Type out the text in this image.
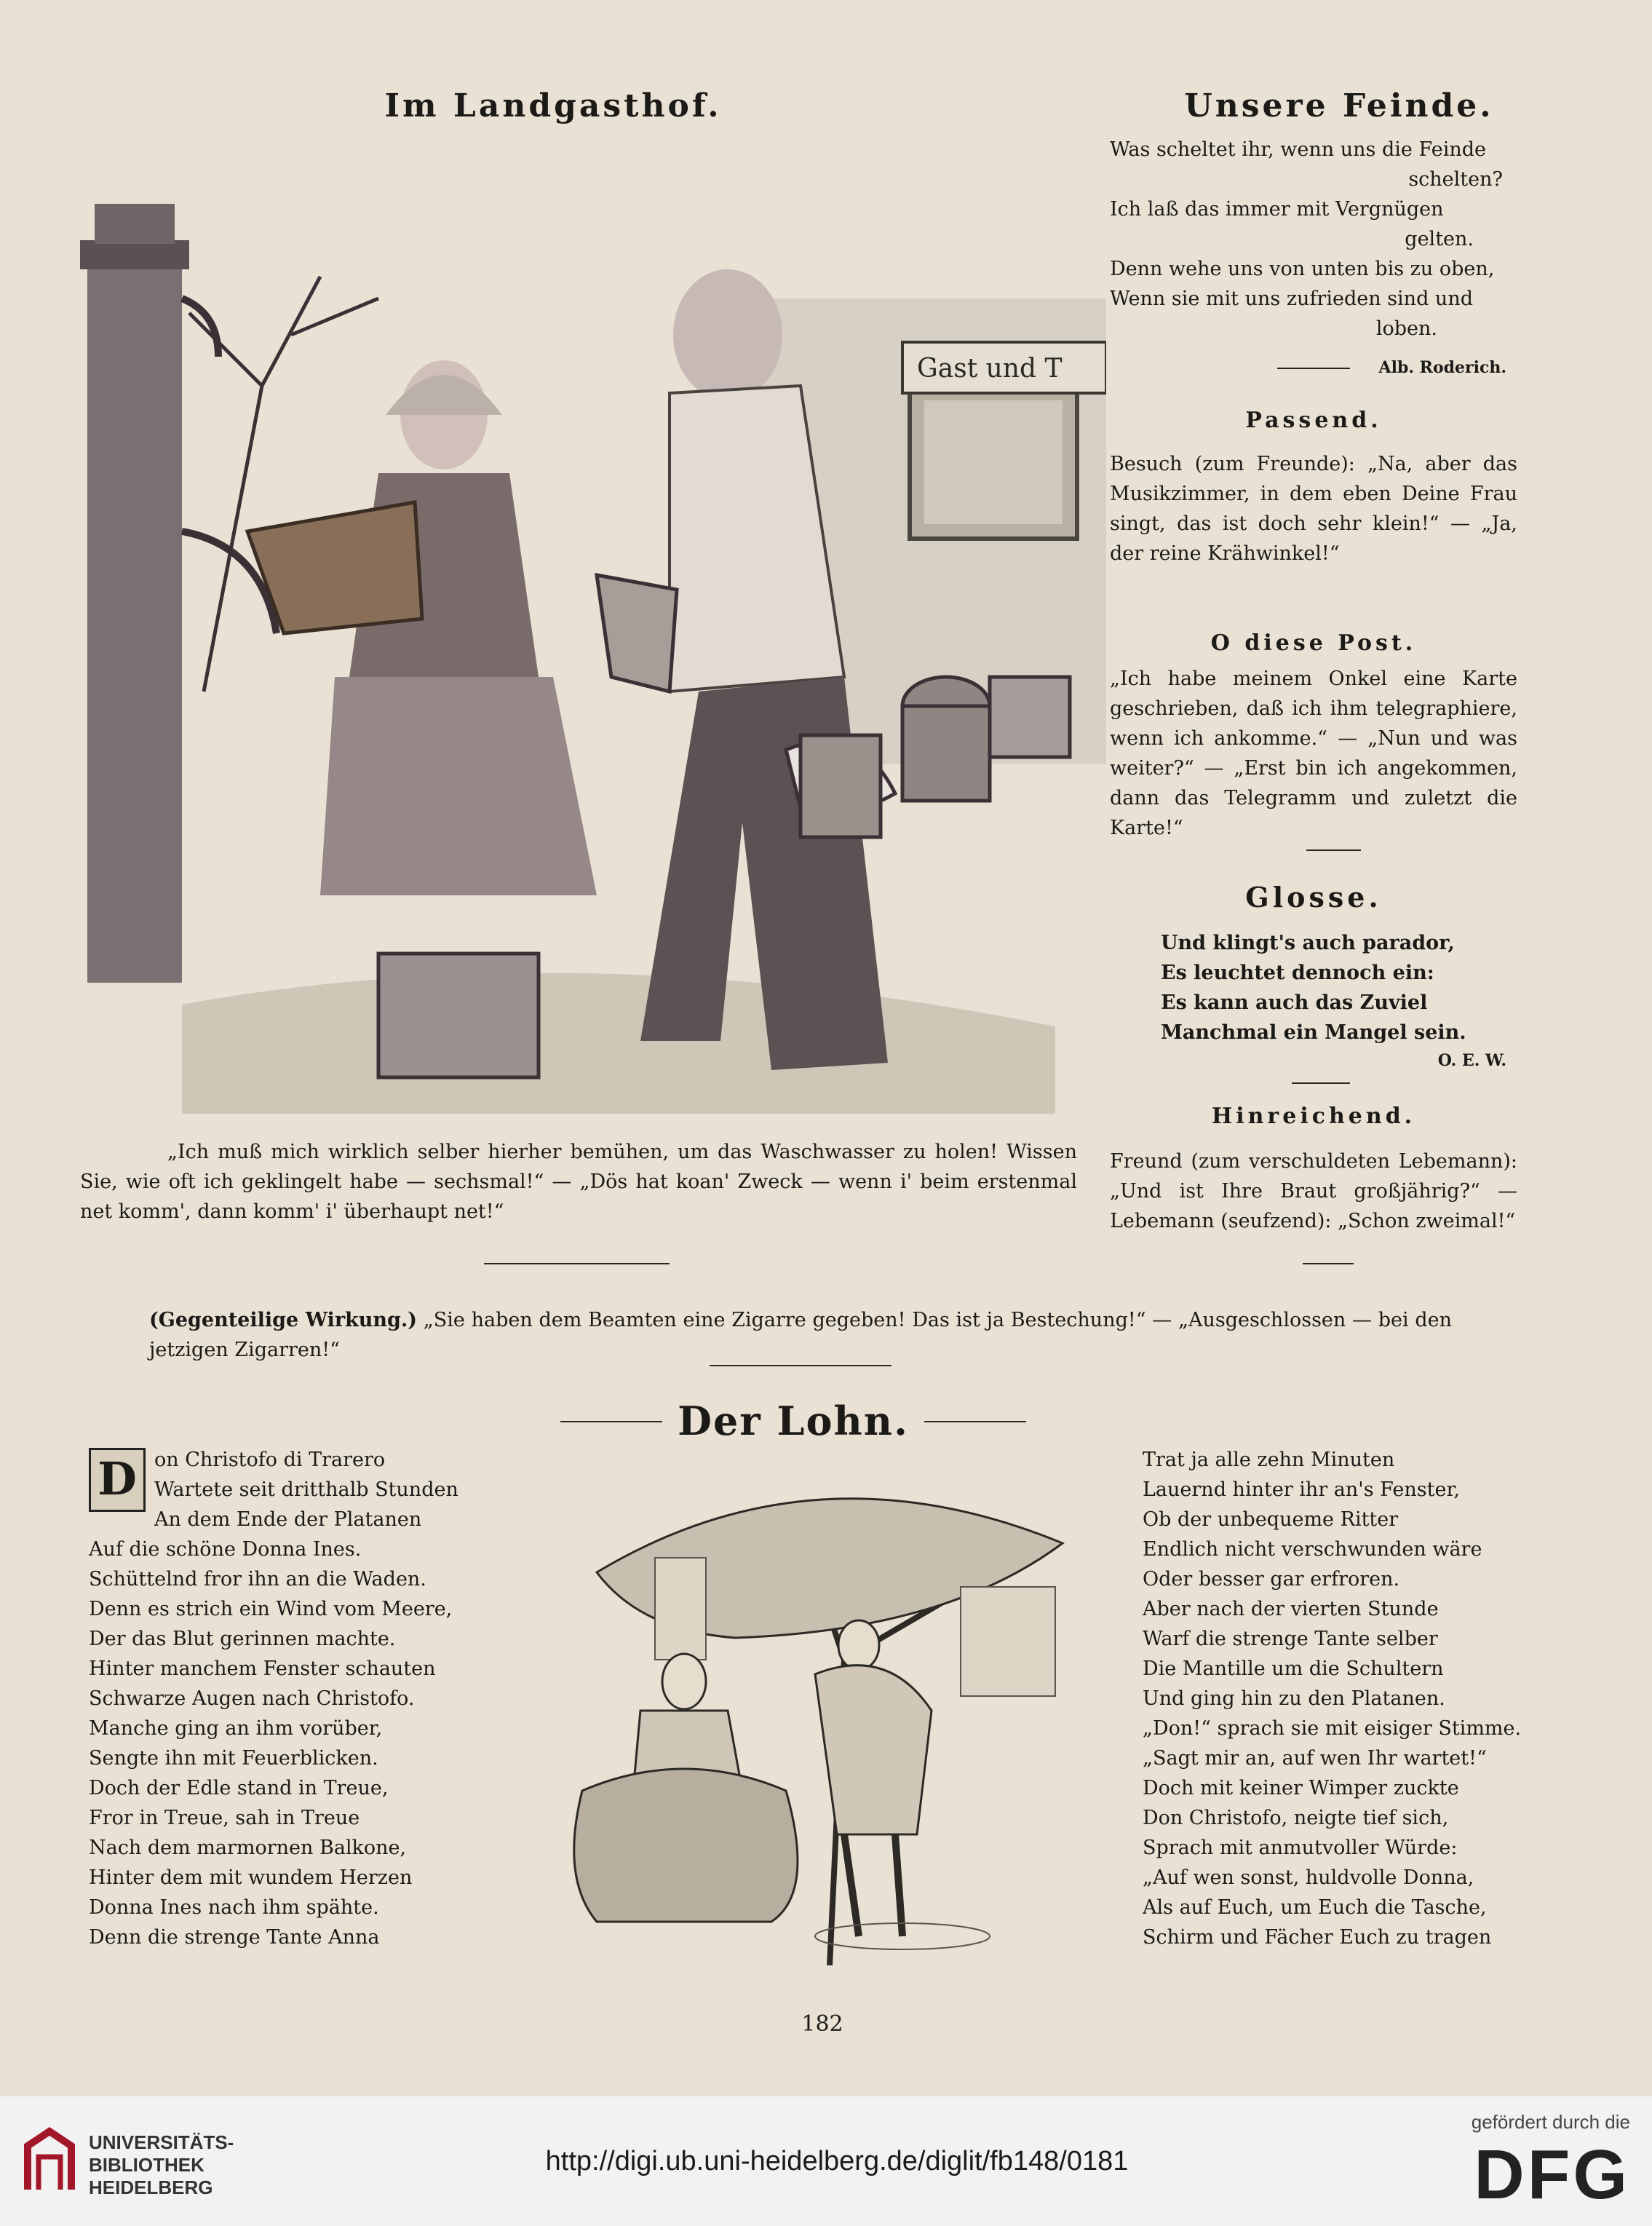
Im Landgasthof.
Gast und T
Unsere Feinde.

Was scheltet ihr, wenn uns die Feinde

schelten?

Ich laß das immer mit Vergnügen

gelten.

Denn wehe uns von unten bis zu oben,

Wenn sie mit uns zufrieden sind und

loben.

Alb. Roderich.
Passend.
Besuch (zum Freunde): „Na, aber das Musikzimmer, in dem eben Deine Frau singt, das ist doch sehr klein!“ — „Ja, der reine Krähwinkel!“
O diese Post.
„Ich habe meinem Onkel eine Karte geschrieben, daß ich ihm telegraphiere, wenn ich ankomme.“ — „Nun und was weiter?“ — „Erst bin ich angekommen, dann das Telegramm und zuletzt die Karte!“
Glosse.

Und klingt's auch parador,

Es leuchtet dennoch ein:

Es kann auch das Zuviel

Manchmal ein Mangel sein.

O. E. W.
Hinreichend.
Freund (zum verschuldeten Lebemann): „Und ist Ihre Braut großjährig?“ — Lebemann (seufzend): „Schon zweimal!“
„Ich muß mich wirklich selber hierher bemühen, um das Waschwasser zu holen! Wissen Sie, wie oft ich geklingelt habe — sechsmal!“ — „Dös hat koan' Zweck — wenn i' beim erstenmal net komm', dann komm' i' überhaupt net!“
(Gegenteilige Wirkung.) „Sie haben dem Beamten eine Zigarre gegeben! Das ist ja Bestechung!“ — „Ausgeschlossen — bei den jetzigen Zigarren!“
Der Lohn.
D on Christofo di Trarero

Wartete seit dritthalb Stunden

An dem Ende der Platanen

Auf die schöne Donna Ines.

Schüttelnd fror ihn an die Waden.

Denn es strich ein Wind vom Meere,

Der das Blut gerinnen machte.

Hinter manchem Fenster schauten

Schwarze Augen nach Christofo.

Manche ging an ihm vorüber,

Sengte ihn mit Feuerblicken.

Doch der Edle stand in Treue,

Fror in Treue, sah in Treue

Nach dem marmornen Balkone,

Hinter dem mit wundem Herzen

Donna Ines nach ihm spähte.

Denn die strenge Tante Anna

Trat ja alle zehn Minuten

Lauernd hinter ihr an's Fenster,

Ob der unbequeme Ritter

Endlich nicht verschwunden wäre

Oder besser gar erfroren.

Aber nach der vierten Stunde

Warf die strenge Tante selber

Die Mantille um die Schultern

Und ging hin zu den Platanen.

„Don!“ sprach sie mit eisiger Stimme.

„Sagt mir an, auf wen Ihr wartet!“

Doch mit keiner Wimper zuckte

Don Christofo, neigte tief sich,

Sprach mit anmutvoller Würde:

„Auf wen sonst, huldvolle Donna,

Als auf Euch, um Euch die Tasche,

Schirm und Fächer Euch zu tragen

182
UNIVERSITÄTS-
BIBLIOTHEK
HEIDELBERG
http://digi.ub.uni-heidelberg.de/diglit/fb148/0181
gefördert durch die
DFG
